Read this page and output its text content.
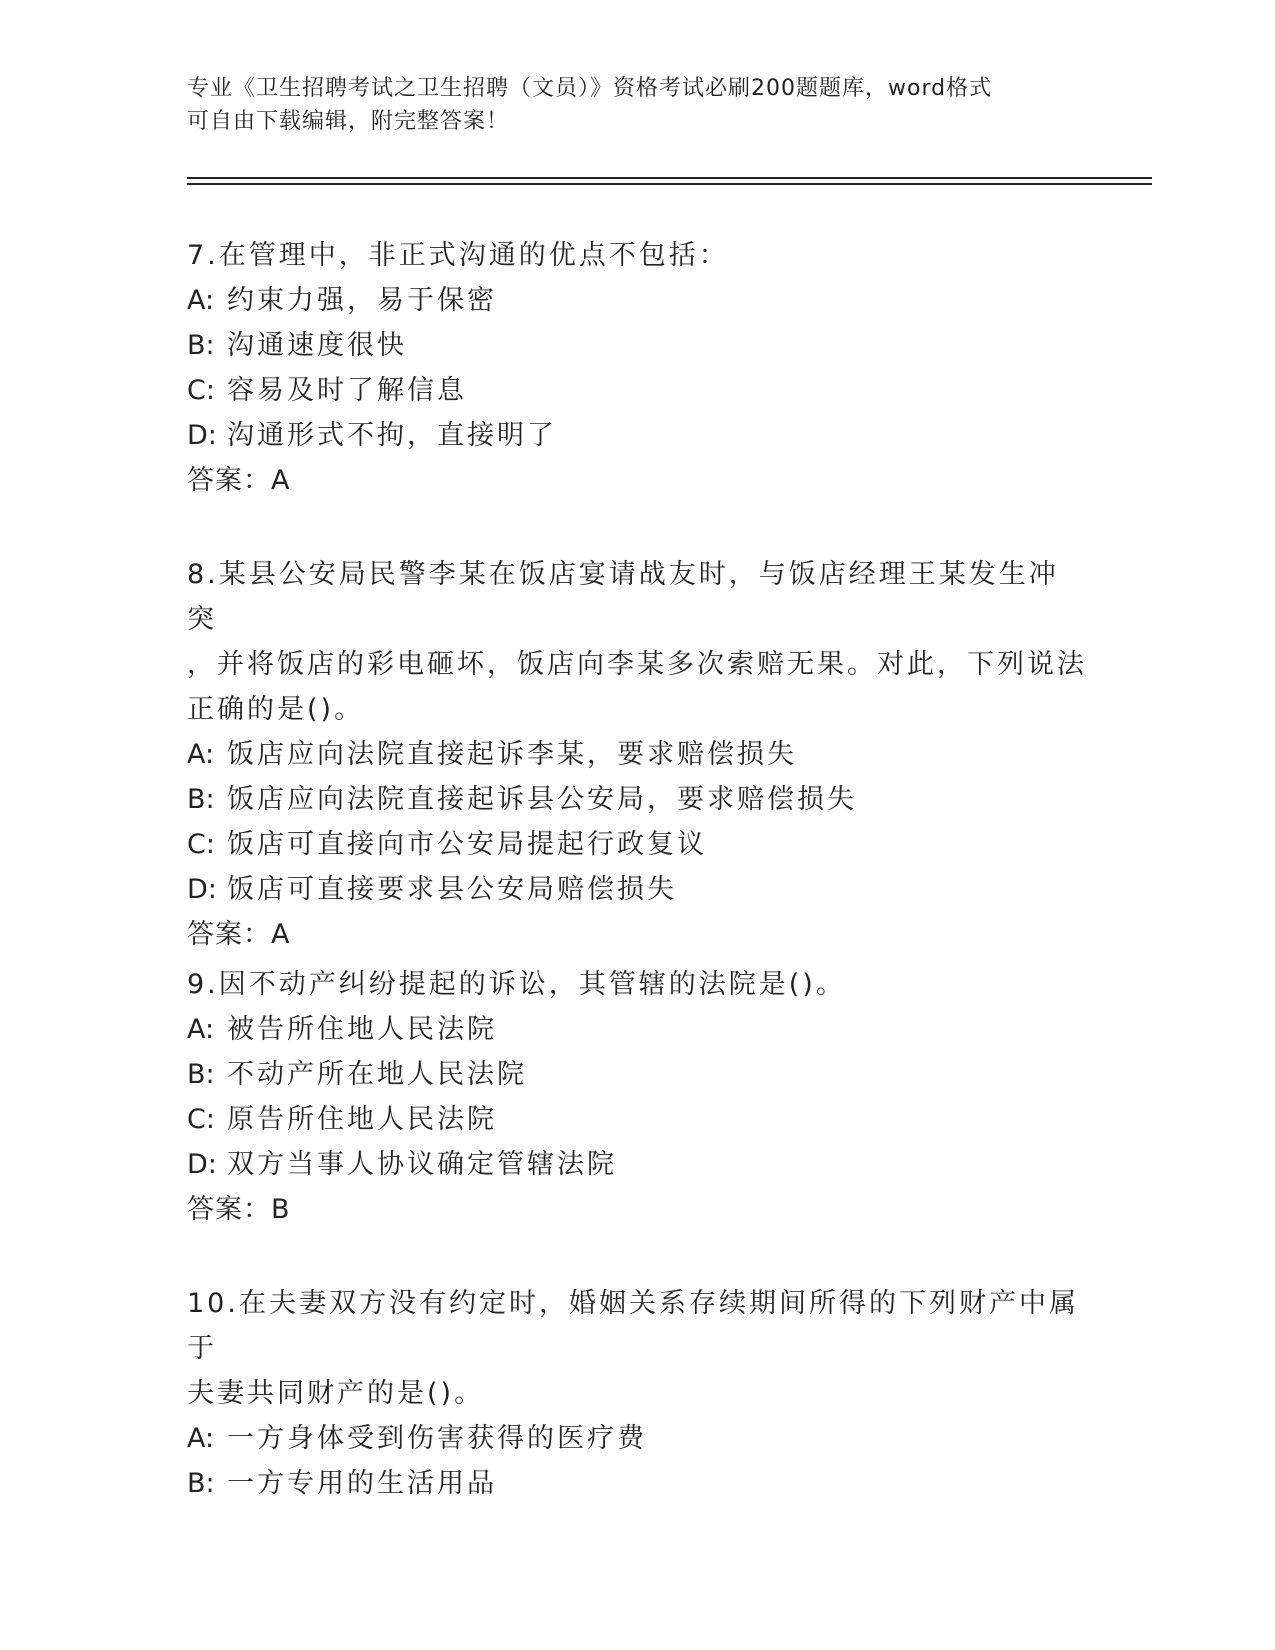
专业《卫生招聘考试之卫生招聘（文员）》资格考试必刷200题题库，word格式
可自由下载编辑，附完整答案！

7.在管理中，非正式沟通的优点不包括：

A: 约束力强，易于保密

B: 沟通速度很快

C: 容易及时了解信息

D: 沟通形式不拘，直接明了

答案：A

8.某县公安局民警李某在饭店宴请战友时，与饭店经理王某发生冲突

，并将饭店的彩电砸坏，饭店向李某多次索赔无果。对此，下列说法

正确的是()。

A: 饭店应向法院直接起诉李某，要求赔偿损失

B: 饭店应向法院直接起诉县公安局，要求赔偿损失

C: 饭店可直接向市公安局提起行政复议

D: 饭店可直接要求县公安局赔偿损失

答案：A

9.因不动产纠纷提起的诉讼，其管辖的法院是()。

A: 被告所住地人民法院

B: 不动产所在地人民法院

C: 原告所住地人民法院

D: 双方当事人协议确定管辖法院

答案：B

10.在夫妻双方没有约定时，婚姻关系存续期间所得的下列财产中属于

夫妻共同财产的是()。

A: 一方身体受到伤害获得的医疗费

B: 一方专用的生活用品
